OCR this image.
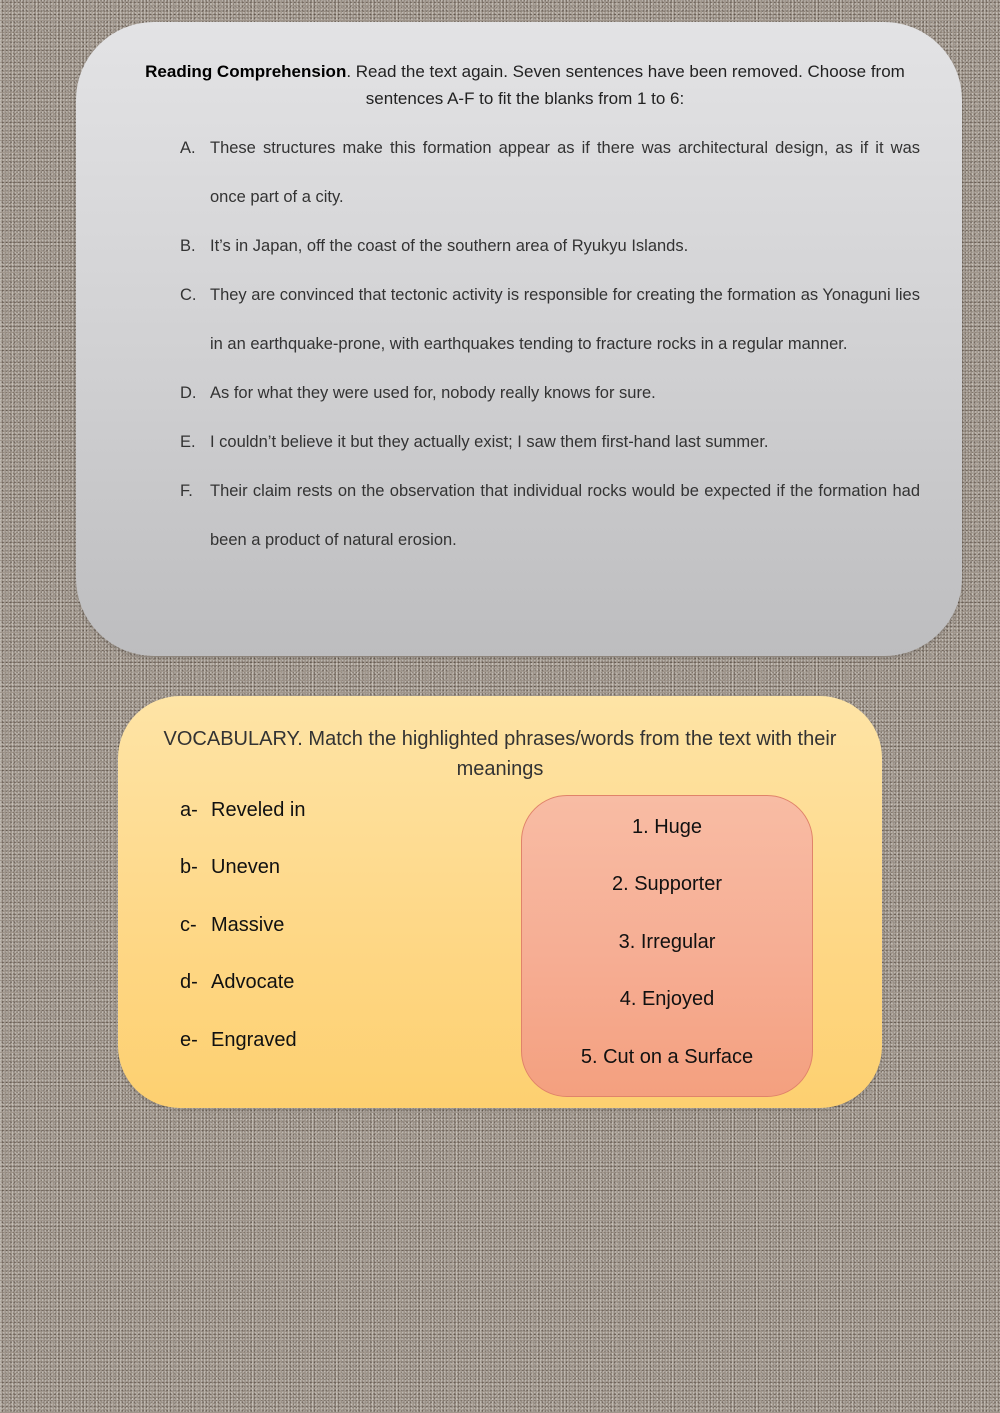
Reading Comprehension. Read the text again. Seven sentences have been removed. Choose from sentences A-F to fit the blanks from 1 to 6:
A. These structures make this formation appear as if there was architectural design, as if it was once part of a city.
B. It’s in Japan, off the coast of the southern area of Ryukyu Islands.
C. They are convinced that tectonic activity is responsible for creating the formation as Yonaguni lies in an earthquake-prone, with earthquakes tending to fracture rocks in a regular manner.
D. As for what they were used for, nobody really knows for sure.
E. I couldn’t believe it but they actually exist; I saw them first-hand last summer.
F.	Their claim rests on the observation that individual rocks would be expected if the formation had been a product of natural erosion.
VOCABULARY. Match the highlighted phrases/words from the text with their meanings
a- Reveled in
b- Uneven
c- Massive
d- Advocate
e- Engraved
1. Huge
2. Supporter
3. Irregular
4. Enjoyed
5. Cut on a Surface
